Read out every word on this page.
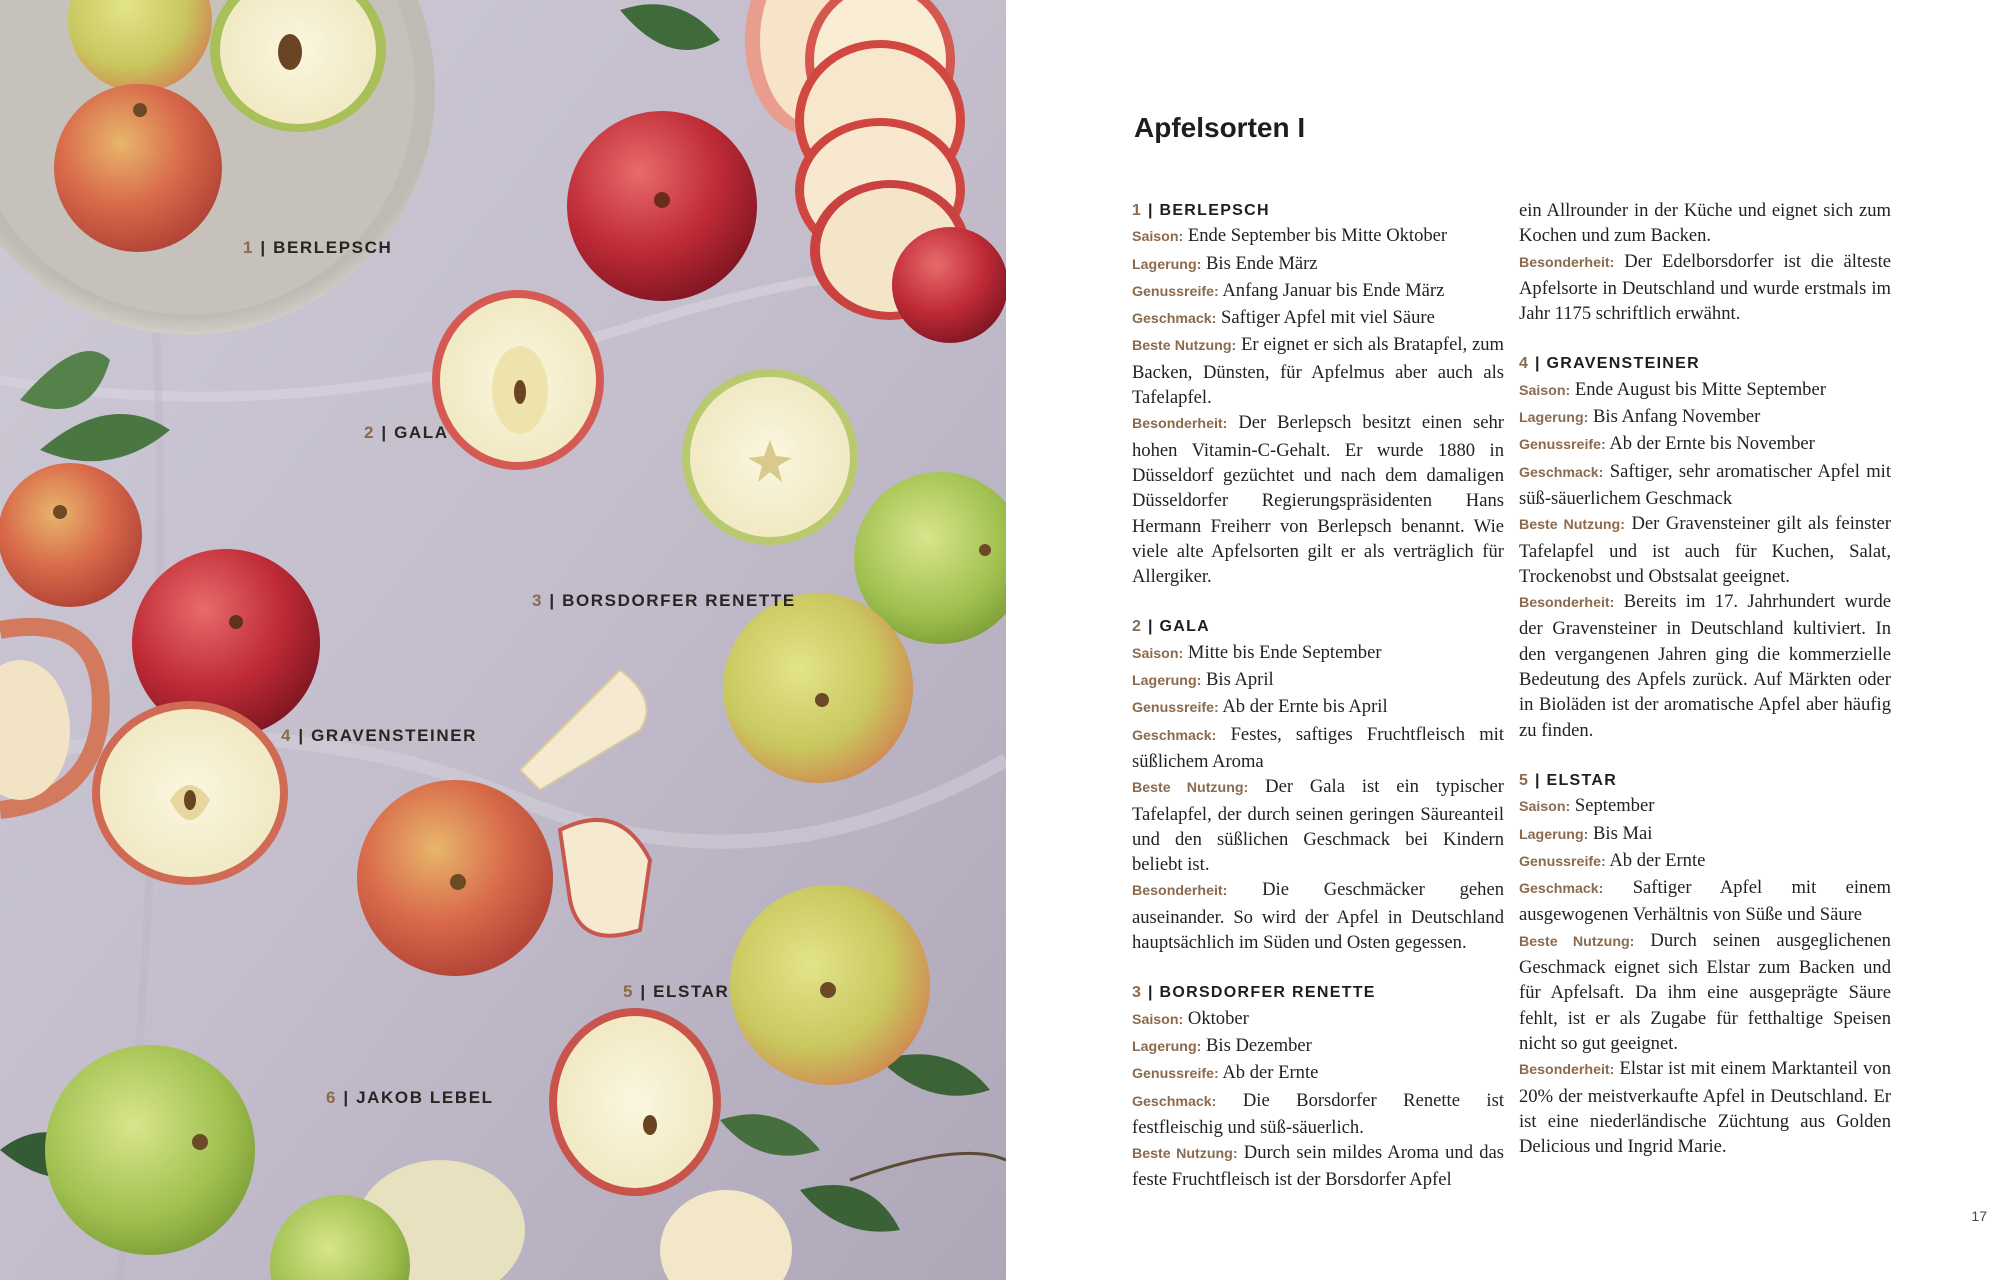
1 | BERLEPSCH
2 | GALA
3 | BORSDORFER RENETTE
4 | GRAVENSTEINER
5 | ELSTAR
6 | JAKOB LEBEL
Apfelsorten I
1 | BERLEPSCH

Saison: Ende September bis Mitte Oktober

Lagerung: Bis Ende März

Genussreife: Anfang Januar bis Ende März

Geschmack: Saftiger Apfel mit viel Säure

Beste Nutzung: Er eignet er sich als Bratapfel, zum Backen, Dünsten, für Apfelmus aber auch als Tafelapfel.

Besonderheit: Der Berlepsch besitzt einen sehr hohen Vitamin-C-Gehalt. Er wurde 1880 in Düsseldorf gezüchtet und nach dem damaligen Düsseldorfer Regierungspräsidenten Hans Hermann Freiherr von Berlepsch benannt. Wie viele alte Apfelsorten gilt er als verträglich für Allergiker.

2 | GALA

Saison: Mitte bis Ende September

Lagerung: Bis April

Genussreife: Ab der Ernte bis April

Geschmack: Festes, saftiges Fruchtfleisch mit süßlichem Aroma

Beste Nutzung: Der Gala ist ein typischer Tafelapfel, der durch seinen geringen Säureanteil und den süßlichen Geschmack bei Kindern beliebt ist.

Besonderheit: Die Geschmäcker gehen auseinander. So wird der Apfel in Deutschland hauptsächlich im Süden und Osten gegessen.

3 | BORSDORFER RENETTE

Saison: Oktober

Lagerung: Bis Dezember

Genussreife: Ab der Ernte

Geschmack: Die Borsdorfer Renette ist festfleischig und süß-säuerlich.

Beste Nutzung: Durch sein mildes Aroma und das feste Fruchtfleisch ist der Borsdorfer Apfel

ein Allrounder in der Küche und eignet sich zum Kochen und zum Backen.

Besonderheit: Der Edelborsdorfer ist die älteste Apfelsorte in Deutschland und wurde erstmals im Jahr 1175 schriftlich erwähnt.

4 | GRAVENSTEINER

Saison: Ende August bis Mitte September

Lagerung: Bis Anfang November

Genussreife: Ab der Ernte bis November

Geschmack: Saftiger, sehr aromatischer Apfel mit süß-säuerlichem Geschmack

Beste Nutzung: Der Gravensteiner gilt als feinster Tafelapfel und ist auch für Kuchen, Salat, Trockenobst und Obstsalat geeignet.

Besonderheit: Bereits im 17. Jahrhundert wurde der Gravensteiner in Deutschland kultiviert. In den vergangenen Jahren ging die kommerzielle Bedeutung des Apfels zurück. Auf Märkten oder in Bioläden ist der aromatische Apfel aber häufig zu finden.

5 | ELSTAR

Saison: September

Lagerung: Bis Mai

Genussreife: Ab der Ernte

Geschmack: Saftiger Apfel mit einem ausgewogenen Verhältnis von Süße und Säure

Beste Nutzung: Durch seinen ausgeglichenen Geschmack eignet sich Elstar zum Backen und für Apfelsaft. Da ihm eine ausgeprägte Säure fehlt, ist er als Zugabe für fetthaltige Speisen nicht so gut geeignet.

Besonderheit: Elstar ist mit einem Marktanteil von 20% der meistverkaufte Apfel in Deutschland. Er ist eine niederländische Züchtung aus Golden Delicious und Ingrid Marie.

17
